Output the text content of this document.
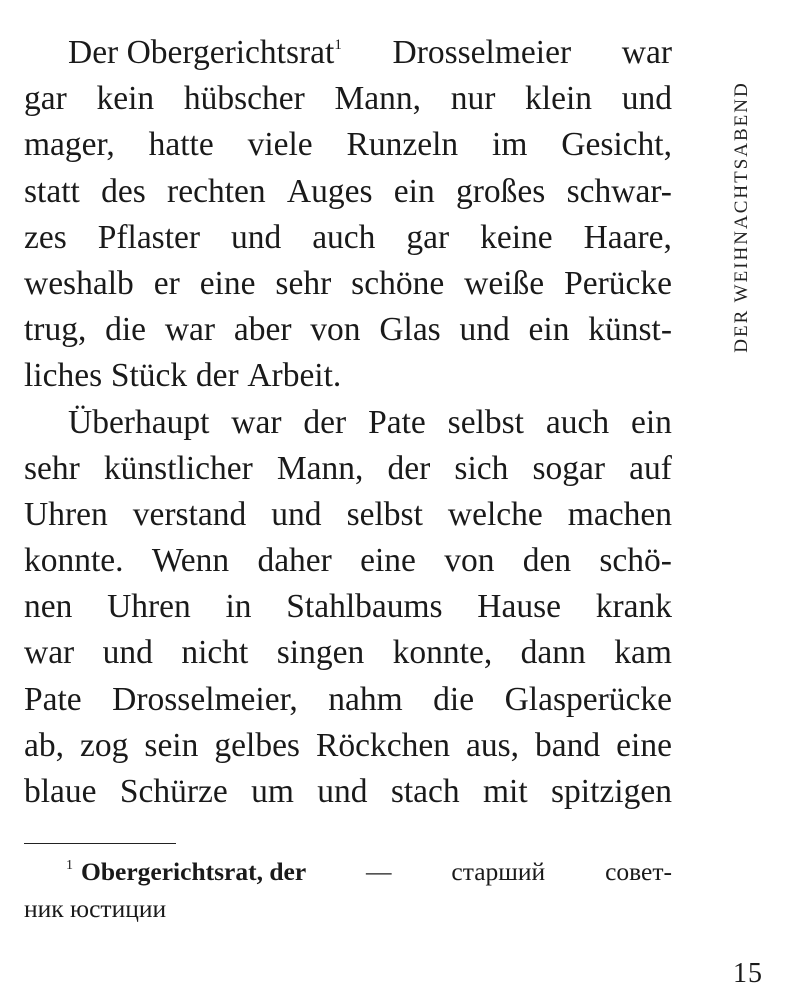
DER WEIHNACHTSABEND
Der Obergerichtsrat$^1$ Drosselmeier war
gar kein hübscher Mann, nur klein und
mager, hatte viele Runzeln im Gesicht,
statt des rechten Auges ein großes schwar-
zes Pflaster und auch gar keine Haare,
weshalb er eine sehr schöne weiße Perücke
trug, die war aber von Glas und ein künst-
liches Stück der Arbeit.
Überhaupt war der Pate selbst auch ein
sehr künstlicher Mann, der sich sogar auf
Uhren verstand und selbst welche machen
konnte. Wenn daher eine von den schö-
nen Uhren in Stahlbaums Hause krank
war und nicht singen konnte, dann kam
Pate Drosselmeier, nahm die Glasperücke
ab, zog sein gelbes Röckchen aus, band eine
blaue Schürze um und stach mit spitzigen
$^1$ Obergerichtsrat, der — старший совет-
ник юстиции
15
